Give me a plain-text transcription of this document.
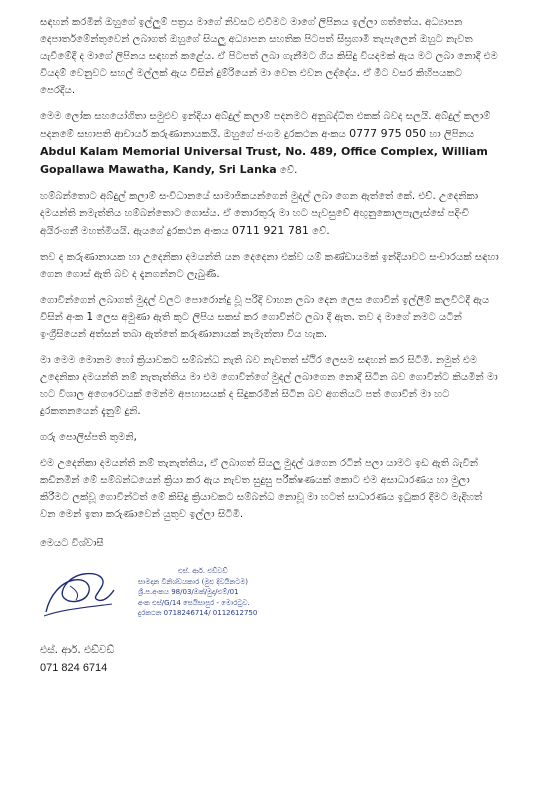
සඳහන් කරමින් ඔහුගේ ඉල්ලුම් පත්‍රය මාගේ නිවසට එවීමට මාගේ ලිපිනය ඉල්ලා ගත්තේය. අධ්‍යාපන දෙපාර්තමේන්තුවෙන් ලබාගත් ඔහුගේ සියලු අධ්‍යාපන සහතික පිටපත් සීඝ්‍රගාමී තැපැලෙන් ඔහුට නැවත යැවීමේදී ද මාගේ ලිපිනය සඳහන් කළේය. ඒ පිටපත් ලබා ගැනීමට ගිය කිසිදු වියදමක් ඇය මට ලබා නොදී එම වියදම් වෙනුවට සහල් මල්ලක් ඇය විසින් දුම්රියෙන් මා වෙත එවන ලද්දේය. ඒ මීට වසර කිහිපයකට පෙරදීය.

මෙම ලෝක සහයෝගිතා සමුළුව ඉන්දියා අබ්දුල් කලාම් පදනමට අනුබද්ධිත එකක් බවද සලයි. අබ්දුල් කලාම් පදනමේ සභාපති ආචාර්ය කරුණානායකයි. ඔහුගේ ජංගම දුරකථන අංකය 0777 975 050 හා ලිපිනය Abdul Kalam Memorial Universal Trust, No. 489, Office Complex, William Gopallawa Mawatha, Kandy, Sri Lanka වේ.

හම්බන්තොට අබ්දුල් කලාම් සංවිධානයේ සාමාජිකයන්ගෙන් මුදල් ලබා ගෙන ඇත්තේ කේ. එච්. උදෙනිකා දමයන්ති නමැත්තිය හම්බන්තොට ගොස්ය. ඒ තොරතුරු මා හට පැවසුවේ අඟුනුකොලපැලැස්සේ පදිංචි අයිරංගනී මහත්මියයි. ඇයගේ දුරකථන අංකය 0711 921 781 වේ.

තව ද කරුණානායක හා උදෙනිකා දමයන්ති යන දෙදෙනා එක්ව යම් කණ්ඩායමක් ඉන්දියාවට සංචාරයක් සඳහා ගෙන ගොස් ඇති බව ද දැනගන්නට ලැබුණි.

ගොවින්ගෙන් ලබාගත් මුදල් වලට පොරොන්දු වූ පරිදි වාහන ලබා දෙන ලෙස ගොවින් ඉල්ලීම් කලවිටදී ඇය විසින් අංක 1 ලෙස අමුණා ඇති කුට ලිපිය සකස් කර ගොවින්ට ලබා දී ඇත. තව ද මාගේ නමට යටින් ඉංග්‍රීසියෙන් අත්සන් තබා ඇත්තේ කරුණානායක් නැමැත්තා විය හැක.

මා මෙම මොනම හෝ ක්‍රියාවකට සම්බන්ධ නැති බව නැවතත් ස්ථිර ලෙසම සඳහන් කර සිටිමි. නමුත් එම උදෙනිකා දමයන්ති නම් නැතැත්තිය මා එම ගොවින්ගේ මුදල් ලබාගෙන නොදී සිටින බව ගොවින්ට කියමින් මා හට විශාල අගෞරවයක් මෙන්ම අපහාසයක් ද සිදුකරමින් සිටින බව අගතියට පත් ගොවින් මා හට දුරකතනයෙන් දැනුම් දුනි.

ගරු පොලිස්පති තුමනි,

එම උදෙනිකා දමයන්ති නම් තැනැත්තිය, ඒ ලබාගත් සියලු මුදල් රැගෙන රටින් පලා යාමට ඉඩ ඇති බැවින් කඩිනමින් මේ සම්බන්ධයෙන් ක්‍රියා කර ඇය නැවත සුදුසු පරීක්ෂණයක් කොට එම අසාධාරණය හා මුලා කිරීමට ලක්වූ ගොවීන්ටත් මේ කිසිදු ක්‍රියාවකට සම්බන්ධ නොවූ මා හටත් සාධාරණය ඉටුකර දීමට මැදිහත් වන මෙන් ඉතා කරුණාවෙන් යුතුව ඉල්ලා සිටිමි.

මෙයට විශ්වාසී

එස්. ආර්. එඩ්වඩ්
සාමදාන විනිශ්චයකාර (මුළු දිවයිනටම)
ශ්‍රී.ප.අංකය 98/03/ඔක්/මුද/එම්/01
අංක එස්/G/14 සෙයිසාපුර - මොරටුව.
දුරකථන 0718246714/ 0112612750
එස්. ආර්. එඩ්වඩ්
071 824 6714
